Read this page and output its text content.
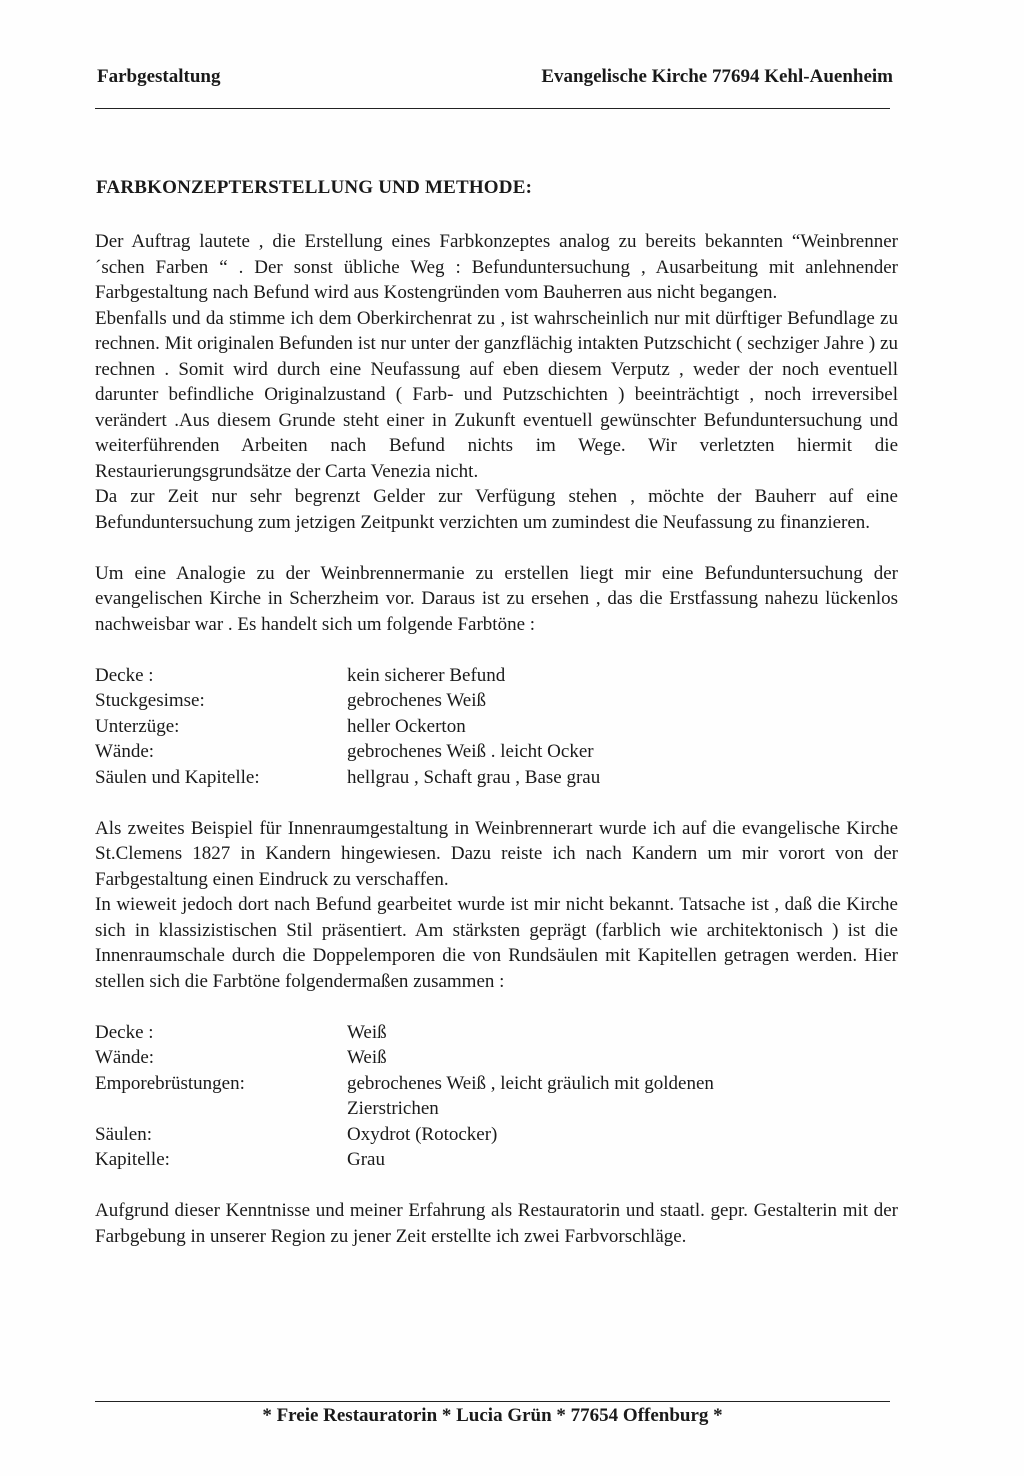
Farbgestaltung	Evangelische Kirche 77694 Kehl-Auenheim
FARBKONZEPTERSTELLUNG UND METHODE:

Der Auftrag lautete , die Erstellung eines Farbkonzeptes analog zu bereits bekannten “Weinbrenner´schen Farben “ . Der sonst übliche Weg : Befunduntersuchung , Ausarbeitung mit anlehnender Farbgestaltung nach Befund wird aus Kostengründen vom Bauherren aus nicht begangen.

Ebenfalls und da stimme ich dem Oberkirchenrat zu , ist wahrscheinlich nur mit dürftiger Befundlage zu rechnen. Mit originalen Befunden ist nur unter der ganzflächig intakten Putzschicht ( sechziger Jahre ) zu rechnen . Somit wird durch eine Neufassung auf eben diesem Verputz , weder der noch eventuell darunter befindliche Originalzustand ( Farb- und Putzschichten ) beeinträchtigt , noch irreversibel verändert .Aus diesem Grunde steht einer in Zukunft eventuell gewünschter Befunduntersuchung und weiterführenden Arbeiten nach Befund nichts im Wege. Wir verletzten hiermit die Restaurierungsgrundsätze der Carta Venezia nicht.

Da zur Zeit nur sehr begrenzt Gelder zur Verfügung stehen , möchte der Bauherr auf eine Befunduntersuchung zum jetzigen Zeitpunkt verzichten um zumindest die Neufassung zu finanzieren.

Um eine Analogie zu der Weinbrennermanie zu erstellen liegt mir eine Befunduntersuchung der evangelischen Kirche in Scherzheim vor. Daraus ist zu ersehen , das die Erstfassung nahezu lückenlos nachweisbar war . Es handelt sich um folgende Farbtöne :

Decke :	kein sicherer Befund
Stuckgesimse:	gebrochenes Weiß
Unterzüge:	heller Ockerton
Wände:	gebrochenes Weiß . leicht Ocker
Säulen und Kapitelle:	hellgrau , Schaft grau , Base grau

Als zweites Beispiel für Innenraumgestaltung in Weinbrennerart wurde ich auf die evangelische Kirche St.Clemens 1827 in Kandern hingewiesen. Dazu reiste ich nach Kandern um mir vorort von der Farbgestaltung einen Eindruck zu verschaffen.

In wieweit jedoch dort nach Befund gearbeitet wurde ist mir nicht bekannt. Tatsache ist , daß die Kirche sich in klassizistischen Stil präsentiert. Am stärksten geprägt (farblich wie architektonisch ) ist die Innenraumschale durch die Doppelemporen die von Rundsäulen mit Kapitellen getragen werden. Hier stellen sich die Farbtöne folgendermaßen zusammen :

Decke :	Weiß
Wände:	Weiß
Emporebrüstungen:	gebrochenes Weiß , leicht gräulich mit goldenen Zierstrichen
Säulen:	Oxydrot (Rotocker)
Kapitelle:	Grau

Aufgrund dieser Kenntnisse und meiner Erfahrung als Restauratorin und staatl. gepr. Gestalterin mit der Farbgebung in unserer Region zu jener Zeit erstellte ich zwei Farbvorschläge.

* Freie Restauratorin * Lucia Grün * 77654 Offenburg *
